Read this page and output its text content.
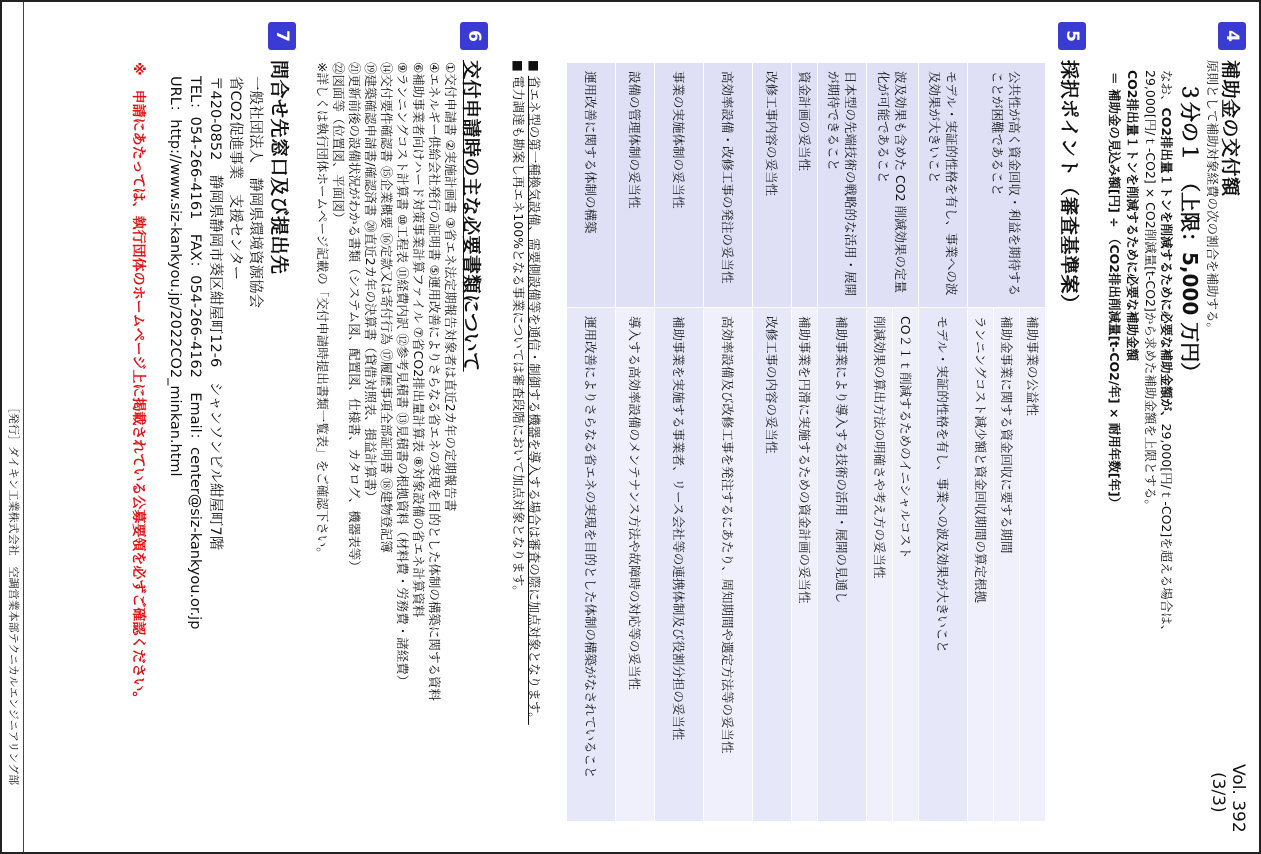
Vol. 392
(3/3)
4
補助金の交付額
原則として補助対象経費の次の割合を補助する。
３分の１　（上限：5,000 万円）
なお、CO2排出量１トンを削減するために必要な補助金額が、29,000[円/ｔ-CO2]を超える場合は、
29,000[円/ｔ-CO2] × CO2削減量[t-CO2]から求めた補助金額を上限とする。
CO2排出量１トンを削減するために必要な補助金額
＝ 補助金の見込み額[円] ÷ （CO2排出削減量[t-CO2/年] × 耐用年数[年]）
5
採択ポイント（審査基準案）
公共性が高く資金回収・利益を期待することが困難であること	補助事業の公益性
	補助金事業に関する資金回収に要する期間
	ランニングコスト減少額と資金回収期間の算定根拠
モデル・実証的性格を有し、事業への波及効果が大きいこと	モデル・実証的性格を有し、事業への波及効果が大きいこと
波及効果も含めた CO2 削減効果の定量化が可能であること	CO２１ｔ削減するためのイニシャルコスト
	削減効果の算出方法の明確さや考え方の妥当性
日本型の先端技術の戦略的な活用・展開が期待できること	補助事業により導入する技術の活用・展開の見通し
資金計画の妥当性	補助事業を円滑に実施するための資金計画の妥当性
改修工事内容の妥当性	改修工事の内容の妥当性
高効率設備・改修工事の発注の妥当性	高効率設備及び改修工事を発注するにあたり、周知期間や選定方法等の妥当性
事業の実施体制の妥当性	補助事業を実施する事業者、リース会社等の連携体制及び役割分担の妥当性
設備の管理体制の妥当性	導入する高効率設備のメンテナンス方法や故障時の対応等の妥当性
運用改善に関する体制の構築	運用改善によりさらなる省エネの実現を目的とした体制の構築がなされていること
■ 省エネ型の第一種換気設備、需要側設備等を通信・制御する機器を導入する場合は審査の際に加点対象となります。
■ 電力調達も勘案し再エネ100%となる事業については審査段階において加点対象となります。
6
交付申請時の主な必要書類について
①交付申請書 ②実施計画書 ③省エネ法定期報告対象者は直近2カ年の定期報告書
④エネルギー供給会社発行の証明書 ⑤運用改善によりさらなる省エネの実現を目的とした体制の構築に関する資料
⑥補助事業者向けハード対策事業計算ファイル ⑦省CO2排出量計算表 ⑧対象設備の省エネ計算資料
⑨ランニングコスト計算書 ⑩工程表 ⑪経費内訳 ⑫参考見積書 ⑬見積書の根拠資料（材料費・労務費・諸経費）
⑭交付要件確認書 ⑮企業概要 ⑯定款又は寄付行為 ⑰履歴事項全部証明書 ⑱建物登記簿
⑲建築確認申請書/確認済書 ⑳直近2カ年の決算書（貸借対照表、損益計算書）
㉑更新前後の設備状況がわかる書類（システム図、配置図、仕様書、カタログ、機器表等）
㉒図面等（位置図、平面図）
※詳しくは執行団体ホームページ記載の「交付申請時提出書類一覧表」をご確認下さい。
7
問合せ先窓口及び提出先
一般社団法人　静岡県環境資源協会
省CO2促進事業　支援センター
〒420-0852　静岡県静岡市葵区紺屋町12-6　シャンソンビル紺屋町7階
TEL：054-266-4161　FAX：054-266-4162　Email：center@siz-kankyou.or.jp
URL：http://www.siz-kankyou.jp/2022CO2_minkan.html
※　申請にあたっては、執行団体のホームページ上に掲載されている公募要領を必ずご確認ください。
［発行］ダイキン工業株式会社　空調営業本部テクニカルエンジニアリング部
